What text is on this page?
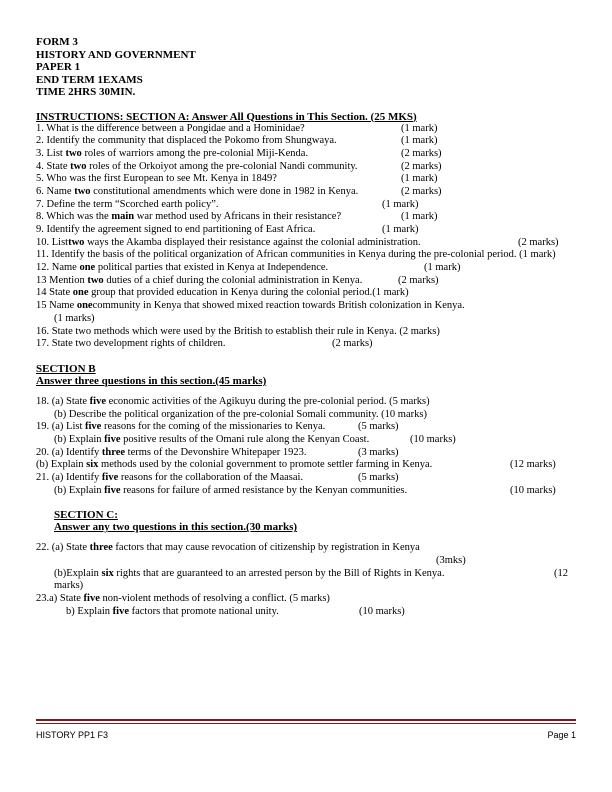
FORM 3
HISTORY AND GOVERNMENT
PAPER 1
END TERM 1EXAMS
TIME 2HRS 30MIN.
INSTRUCTIONS: SECTION A: Answer All Questions in This Section. (25 MKS)
1. What is the difference between a Pongidae and a Hominidae?	(1 mark)
2. Identify the community that displaced the Pokomo from Shungwaya.	(1 mark)
3. List two roles of warriors among the pre-colonial Miji-Kenda.	(2 marks)
4. State two roles of the Orkoiyot among the pre-colonial Nandi community.	(2 marks)
5. Who was the first European to see Mt. Kenya in 1849?	(1 mark)
6. Name two constitutional amendments which were done in 1982 in Kenya.	(2 marks)
7. Define the term “Scorched earth policy”.	(1 mark)
8. Which was the main war method used by Africans in their resistance?	(1 mark)
9. Identify the agreement signed to end partitioning of East Africa.	(1 mark)
10. Listtwo ways the Akamba displayed their resistance against the colonial administration.	(2 marks)
11. Identify the basis of the political organization of African communities in Kenya during the pre-colonial period. (1 mark)
12. Name one political parties that existed in Kenya at Independence.	(1 mark)
13 Mention two duties of a chief during the colonial administration in Kenya.	(2 marks)
14 State one group that provided education in Kenya during the colonial period.(1 mark)
15 Name onecommunity in Kenya that showed mixed reaction towards British colonization in Kenya.
(1 marks)
16. State two methods which were used by the British to establish their rule in Kenya. (2 marks)
17. State two development rights of children.	(2 marks)
SECTION B
Answer three questions in this section.(45 marks)
18. (a) State five economic activities of the Agikuyu during the pre-colonial period. (5 marks)
(b) Describe the political organization of the pre-colonial Somali community. (10 marks)
19. (a) List five reasons for the coming of the missionaries to Kenya.	(5 marks)
(b) Explain five positive results of the Omani rule along the Kenyan Coast.	(10 marks)
20. (a) Identify three terms of the Devonshire Whitepaper 1923.	(3 marks)
(b) Explain six methods used by the colonial government to promote settler farming in Kenya.	(12 marks)
21. (a) Identify five reasons for the collaboration of the Maasai.	(5 marks)
(b) Explain five reasons for failure of armed resistance by the Kenyan communities.	(10 marks)
SECTION C:
Answer any two questions in this section.(30 marks)
22. (a) State three factors that may cause revocation of citizenship by registration in Kenya
(3mks)
(b)Explain six rights that are guaranteed to an arrested person by the Bill of Rights in Kenya.	(12
marks)
23.a) State five non-violent methods of resolving a conflict. (5 marks)
b) Explain five factors that promote national unity.	(10 marks)
HISTORY PP1 F3	Page 1
